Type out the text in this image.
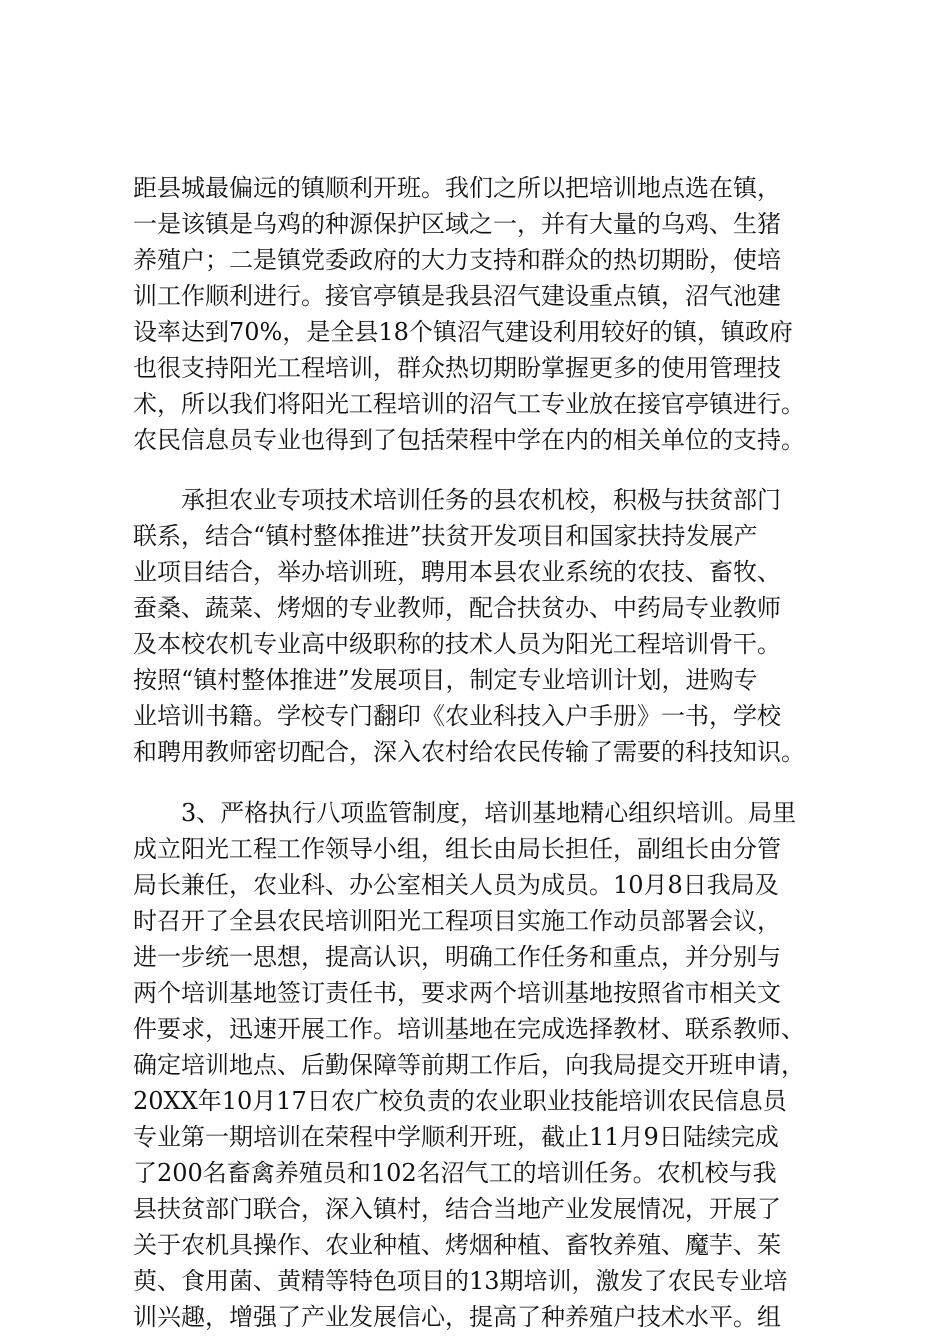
距县城最偏远的镇顺利开班。我们之所以把培训地点选在镇，
一是该镇是乌鸡的种源保护区域之一，并有大量的乌鸡、生猪
养殖户；二是镇党委政府的大力支持和群众的热切期盼，使培
训工作顺利进行。接官亭镇是我县沼气建设重点镇，沼气池建
设率达到70%，是全县18个镇沼气建设利用较好的镇，镇政府
也很支持阳光工程培训，群众热切期盼掌握更多的使用管理技
术，所以我们将阳光工程培训的沼气工专业放在接官亭镇进行。
农民信息员专业也得到了包括荣程中学在内的相关单位的支持。
承担农业专项技术培训任务的县农机校，积极与扶贫部门
联系，结合“镇村整体推进”扶贫开发项目和国家扶持发展产
业项目结合，举办培训班，聘用本县农业系统的农技、畜牧、
蚕桑、蔬菜、烤烟的专业教师，配合扶贫办、中药局专业教师
及本校农机专业高中级职称的技术人员为阳光工程培训骨干。
按照“镇村整体推进”发展项目，制定专业培训计划，进购专
业培训书籍。学校专门翻印《农业科技入户手册》一书，学校
和聘用教师密切配合，深入农村给农民传输了需要的科技知识。
3、严格执行八项监管制度，培训基地精心组织培训。局里
成立阳光工程工作领导小组，组长由局长担任，副组长由分管
局长兼任，农业科、办公室相关人员为成员。10月8日我局及
时召开了全县农民培训阳光工程项目实施工作动员部署会议，
进一步统一思想，提高认识，明确工作任务和重点，并分别与
两个培训基地签订责任书，要求两个培训基地按照省市相关文
件要求，迅速开展工作。培训基地在完成选择教材、联系教师、
确定培训地点、后勤保障等前期工作后，向我局提交开班申请，
20XX年10月17日农广校负责的农业职业技能培训农民信息员
专业第一期培训在荣程中学顺利开班，截止11月9日陆续完成
了200名畜禽养殖员和102名沼气工的培训任务。农机校与我
县扶贫部门联合，深入镇村，结合当地产业发展情况，开展了
关于农机具操作、农业种植、烤烟种植、畜牧养殖、魔芋、茱
萸、食用菌、黄精等特色项目的13期培训，激发了农民专业培
训兴趣，增强了产业发展信心，提高了种养殖户技术水平。组
